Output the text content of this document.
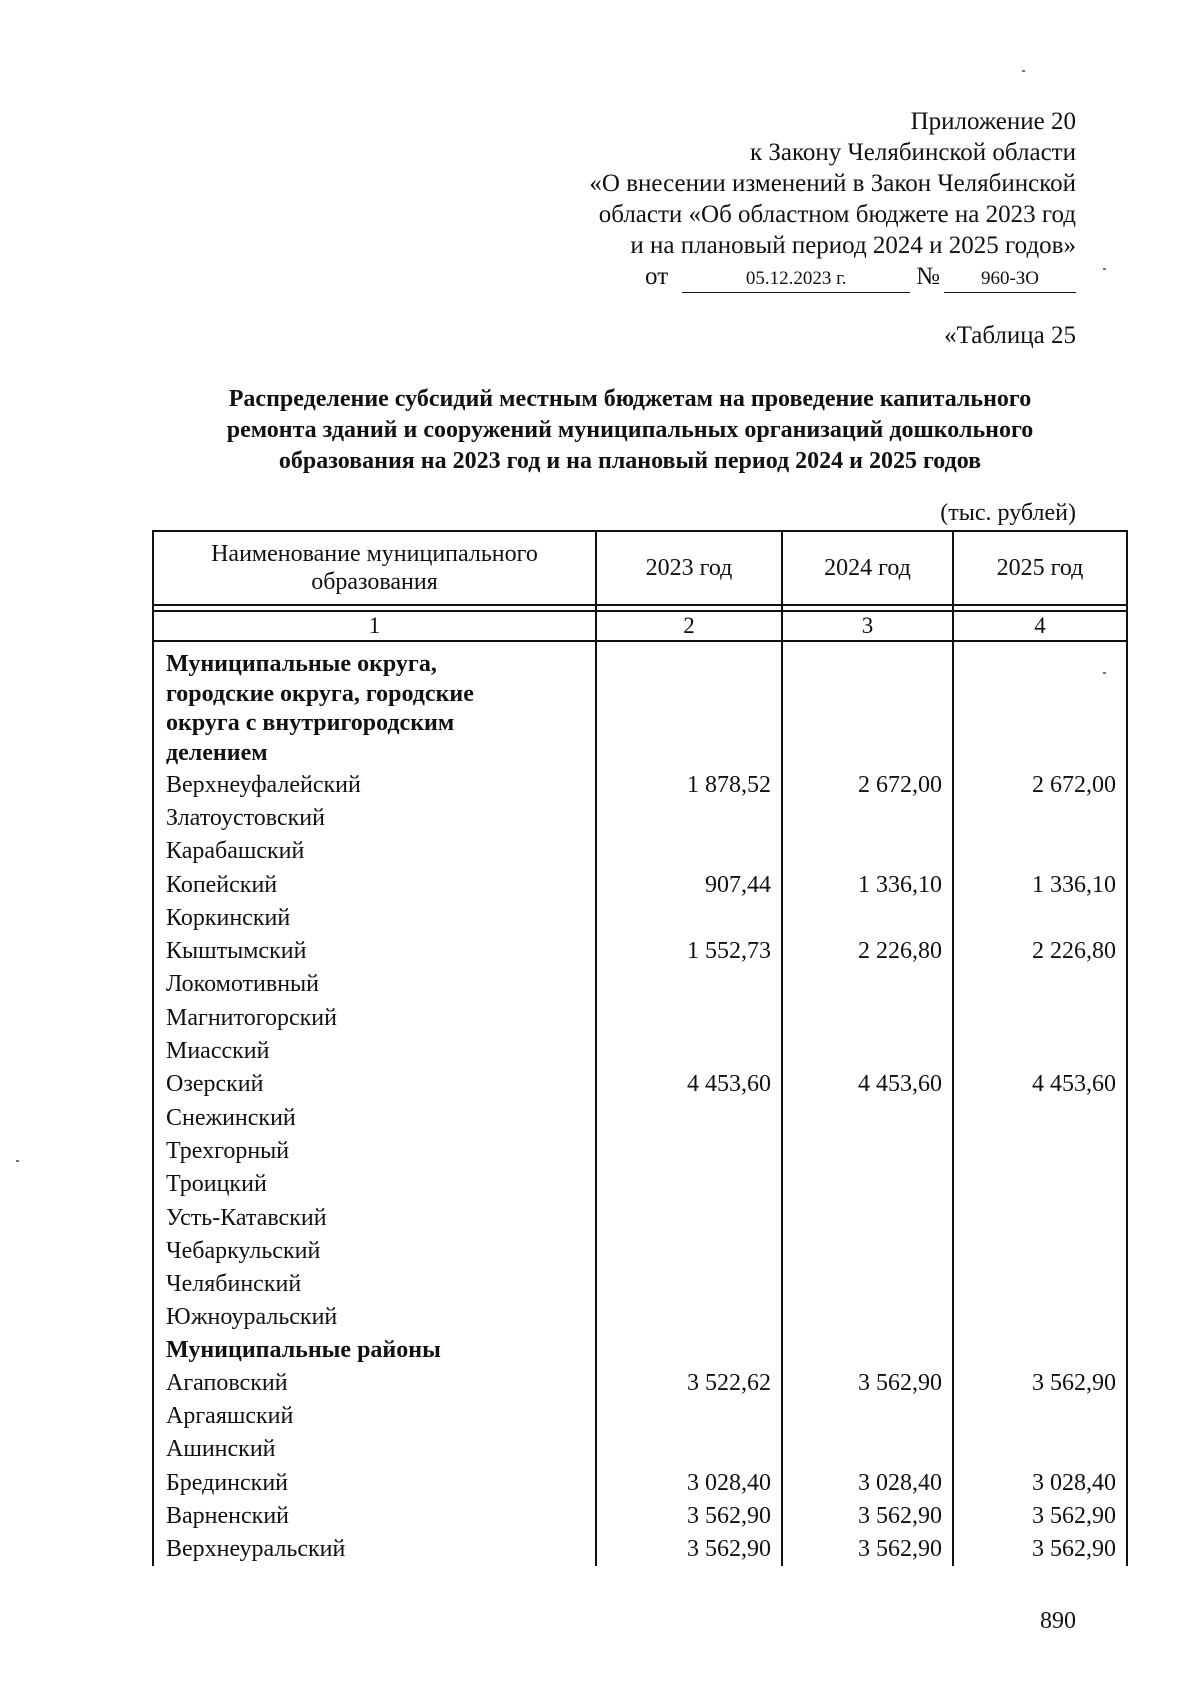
Приложение 20
к Закону Челябинской области
«О внесении изменений в Закон Челябинской
области «Об областном бюджете на 2023 год
и на плановый период 2024 и 2025 годов»
от	05.12.2023 г.	№ 960-ЗО
«Таблица 25
Распределение субсидий местным бюджетам на проведение капитального
ремонта зданий и сооружений муниципальных организаций дошкольного
образования на 2023 год и на плановый период 2024 и 2025 годов
(тыс. рублей)
Наименование муниципального образования	2023 год	2024 год	2025 год

1	2	3	4

Муниципальные округа, городские округа, городские округа с внутригородским делением			

Верхнеуфалейский	1 878,52	2 672,00	2 672,00
Златоустовский			
Карабашский			
Копейский	907,44	1 336,10	1 336,10
Коркинский			
Кыштымский	1 552,73	2 226,80	2 226,80
Локомотивный			
Магнитогорский			
Миасский			
Озерский	4 453,60	4 453,60	4 453,60
Снежинский			
Трехгорный			
Троицкий			
Усть-Катавский			
Чебаркульский			
Челябинский			
Южноуральский			

Муниципальные районы			

Агаповский	3 522,62	3 562,90	3 562,90
Аргаяшский			
Ашинский			
Брединский	3 028,40	3 028,40	3 028,40
Варненский	3 562,90	3 562,90	3 562,90
Верхнеуральский	3 562,90	3 562,90	3 562,90
890
